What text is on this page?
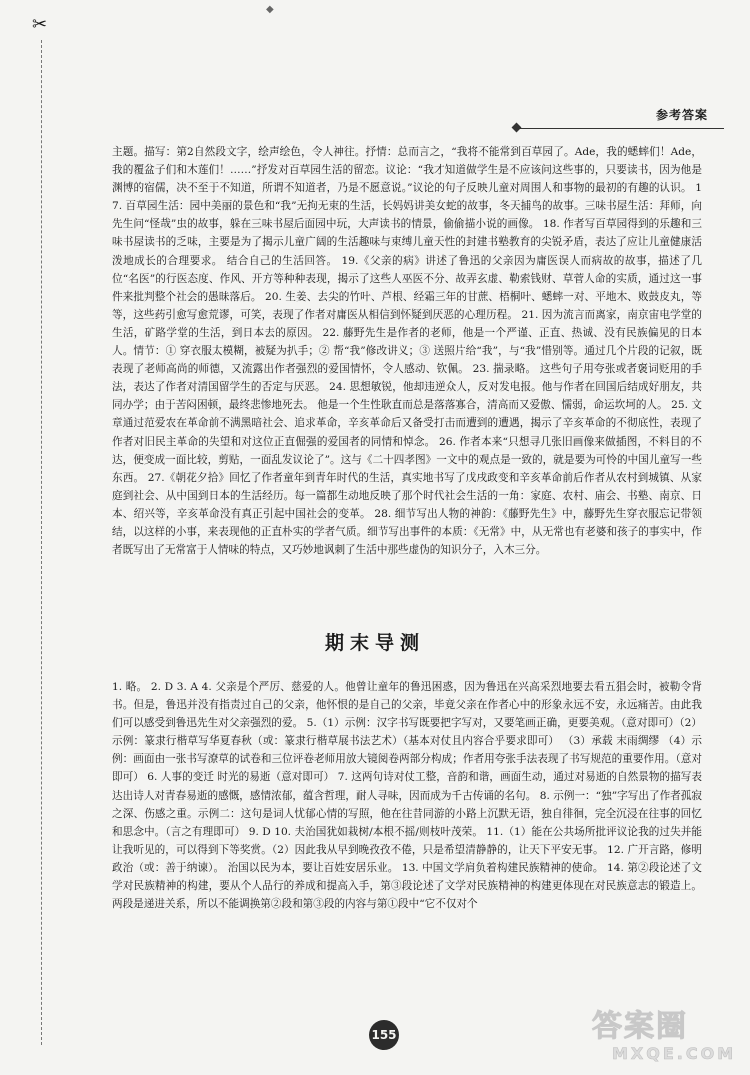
✂
◆
参考答案
主题。描写：第2自然段文字，绘声绘色，令人神往。抒情：总而言之，“我将不能常到百草园了。Ade，我的蟋蟀们！Ade，我的覆盆子们和木莲们！……”抒发对百草园生活的留恋。议论：“我才知道做学生是不应该问这些事的，只要读书，因为他是渊博的宿儒，决不至于不知道，所谓不知道者，乃是不愿意说。”议论的句子反映儿童对周围人和事物的最初的有趣的认识。 17. 百草园生活：园中美丽的景色和“我”无拘无束的生活，长妈妈讲美女蛇的故事，冬天捕鸟的故事。三味书屋生活：拜师，向先生问“怪哉”虫的故事，躲在三味书屋后面园中玩，大声读书的情景，偷偷描小说的画像。 18. 作者写百草园得到的乐趣和三味书屋读书的乏味，主要是为了揭示儿童广阔的生活趣味与束缚儿童天性的封建书塾教育的尖锐矛盾，表达了应让儿童健康活泼地成长的合理要求。 结合自己的生活回答。 19.《父亲的病》讲述了鲁迅的父亲因为庸医误人而病故的故事，描述了几位“名医”的行医态度、作风、开方等种种表现，揭示了这些人巫医不分、故弄玄虚、勒索钱财、草菅人命的实质，通过这一事件来批判整个社会的愚昧落后。 20. 生姜、去尖的竹叶、芦根、经霜三年的甘蔗、梧桐叶、蟋蟀一对、平地木、败鼓皮丸，等等，这些药引愈写愈荒谬，可笑，表现了作者对庸医从相信到怀疑到厌恶的心理历程。 21. 因为流言而离家，南京宙电学堂的生活，矿路学堂的生活，到日本去的原因。 22. 藤野先生是作者的老师，他是一个严谨、正直、热诚、没有民族偏见的日本人。情节：① 穿衣服太模糊，被疑为扒手；② 帮“我”修改讲义；③ 送照片给“我”，与“我”惜别等。通过几个片段的记叙，既表现了老师高尚的师德，又流露出作者强烈的爱国情怀，令人感动、钦佩。 23. 揣录略。 这些句子用夸张或者褒词贬用的手法，表达了作者对清国留学生的否定与厌恶。 24. 思想敏锐，他却违逆众人，反对发电报。他与作者在回国后结成好朋友，共同办学；由于苦闷困顿，最终悲惨地死去。 他是一个生性耿直而总是落落寡合，清高而又爱傲、懦弱，命运坎坷的人。 25. 文章通过范爱农在革命前不满黑暗社会、追求革命，辛亥革命后又备受打击而遭到的遭遇，揭示了辛亥革命的不彻底性，表现了作者对旧民主革命的失望和对这位正直倔强的爱国者的同情和悼念。 26. 作者本来“只想寻几张旧画像来做插图，不料目的不达，便变成一面比较，剪贴，一面乱发议论了”。这与《二十四孝图》一文中的观点是一致的，就是要为可怜的中国儿童写一些东西。 27.《朝花夕拾》回忆了作者童年到青年时代的生活，真实地书写了戊戌政变和辛亥革命前后作者从农村到城镇、从家庭到社会、从中国到日本的生活经历。每一篇都生动地反映了那个时代社会生活的一角：家庭、农村、庙会、书塾、南京、日本、绍兴等，辛亥革命没有真正引起中国社会的变革。 28. 细节写出人物的神韵：《藤野先生》中，藤野先生穿衣服忘记带领结，以这样的小事，来表现他的正直朴实的学者气质。细节写出事件的本质：《无常》中，从无常也有老婆和孩子的事实中，作者既写出了无常富于人情味的特点，又巧妙地讽刺了生活中那些虚伪的知识分子，入木三分。
期末导测
1. 略。 2. D 3. A 4. 父亲是个严厉、慈爱的人。他曾让童年的鲁迅困惑，因为鲁迅在兴高采烈地要去看五猖会时，被勒令背书。但是，鲁迅并没有指责过自己的父亲，他怀恨的是自己的父亲，毕竟父亲在作者心中的形象永远不安，永远痛苦。由此我们可以感受到鲁迅先生对父亲强烈的爱。 5.（1）示例：汉字书写既要把字写对，又要笔画正确，更要美观。（意对即可）（2）示例：篆隶行楷草写华夏春秋（或：篆隶行楷草展书法艺术）（基本对仗且内容合乎要求即可） （3）承载 末雨绸缪 （4）示例：画面由一张书写潦草的试卷和三位评卷老师用放大镜阅卷两部分构成；作者用夸张手法表现了书写规范的重要作用。（意对即可） 6. 人事的变迁 时光的易逝（意对即可） 7. 这两句诗对仗工整，音韵和谐，画面生动，通过对易逝的自然景物的描写表达出诗人对青春易逝的感慨，感情浓郁，蕴含哲理，耐人寻味，因而成为千古传诵的名句。 8. 示例一：“独”字写出了作者孤寂之深、伤感之重。示例二：这句是词人忧郁心情的写照，他在往昔同游的小路上沉默无语，独自徘徊，完全沉浸在往事的回忆和思念中。（言之有理即可） 9. D 10. 夫治国犹如栽树/本根不摇/则枝叶茂荣。 11.（1）能在公共场所批评议论我的过失并能让我听见的，可以得到下等奖赏。（2）因此我从早到晚孜孜不倦，只是希望清静静的，让天下平安无事。 12. 广开言路，修明政治（或：善于纳谏）。 治国以民为本，要让百姓安居乐业。 13. 中国文学肩负着构建民族精神的使命。 14. 第②段论述了文学对民族精神的构建，要从个人品行的养成和提高入手，第③段论述了文学对民族精神的构建更体现在对民族意志的锻造上。两段是递进关系，所以不能调换第②段和第③段的内容与第①段中“它不仅对个
155	答案圈
MXQE.COM
